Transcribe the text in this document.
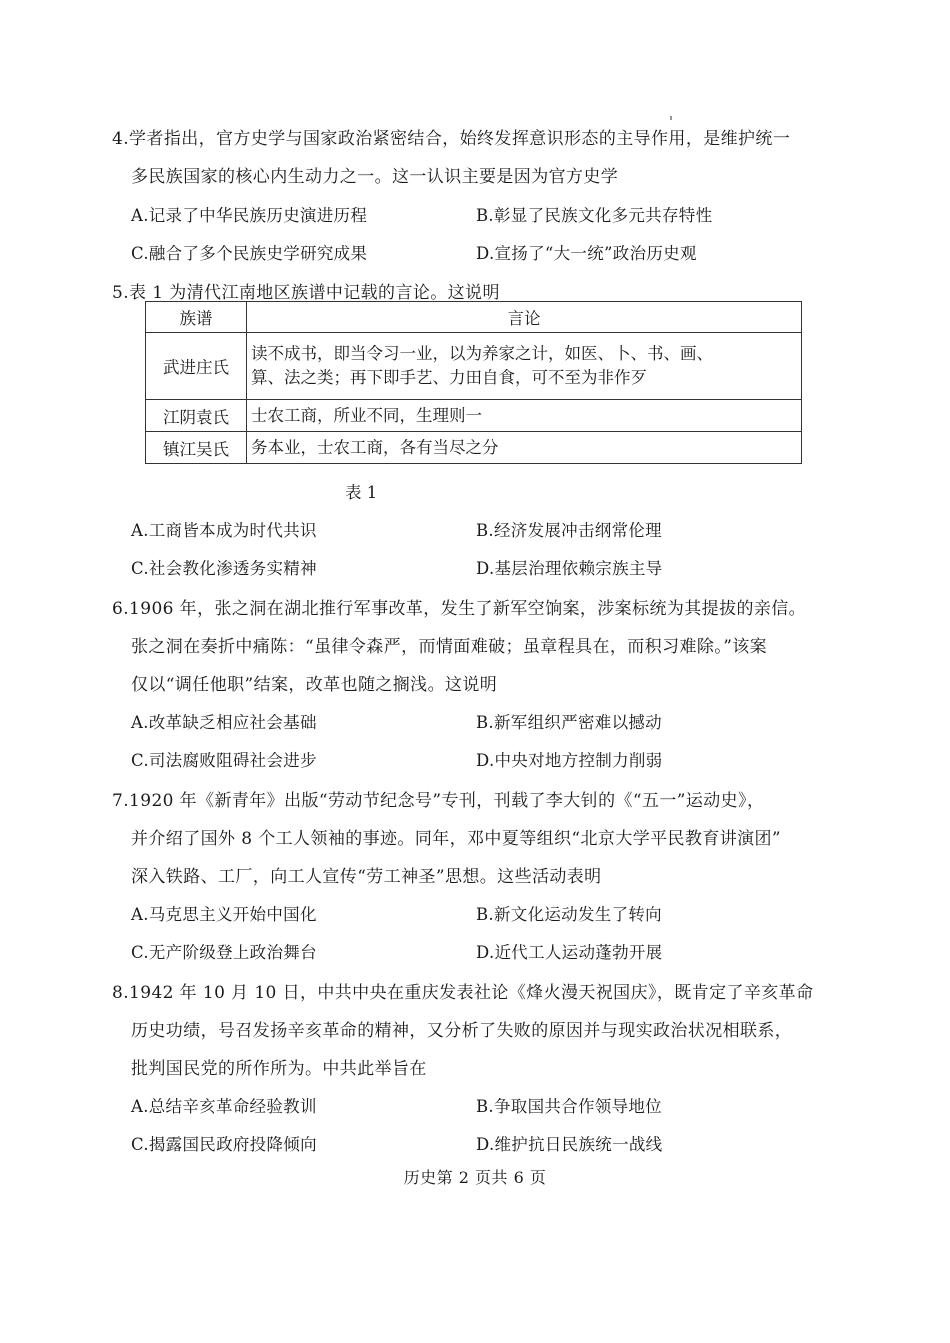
4.学者指出，官方史学与国家政治紧密结合，始终发挥意识形态的主导作用，是维护统一
多民族国家的核心内生动力之一。这一认识主要是因为官方史学
A.记录了中华民族历史演进历程	B.彰显了民族文化多元共存特性
C.融合了多个民族史学研究成果	D.宣扬了“大一统”政治历史观
5.表 1 为清代江南地区族谱中记载的言论。这说明
族谱	言论
武进庄氏	读不成书，即当令习一业，以为养家之计，如医、卜、书、画、
算、法之类；再下即手艺、力田自食，可不至为非作歹

江阴袁氏	士农工商，所业不同，生理则一

镇江吴氏	务本业，士农工商，各有当尽之分
表 1
A.工商皆本成为时代共识	B.经济发展冲击纲常伦理
C.社会教化渗透务实精神	D.基层治理依赖宗族主导
6.1906 年，张之洞在湖北推行军事改革，发生了新军空饷案，涉案标统为其提拔的亲信。
张之洞在奏折中痛陈：“虽律令森严，而情面难破；虽章程具在，而积习难除。”该案
仅以“调任他职”结案，改革也随之搁浅。这说明
A.改革缺乏相应社会基础	B.新军组织严密难以撼动
C.司法腐败阻碍社会进步	D.中央对地方控制力削弱
7.1920 年《新青年》出版“劳动节纪念号”专刊，刊载了李大钊的《“五一”运动史》，
并介绍了国外 8 个工人领袖的事迹。同年，邓中夏等组织“北京大学平民教育讲演团”
深入铁路、工厂，向工人宣传“劳工神圣”思想。这些活动表明
A.马克思主义开始中国化	B.新文化运动发生了转向
C.无产阶级登上政治舞台	D.近代工人运动蓬勃开展
8.1942 年 10 月 10 日，中共中央在重庆发表社论《烽火漫天祝国庆》，既肯定了辛亥革命
历史功绩，号召发扬辛亥革命的精神，又分析了失败的原因并与现实政治状况相联系，
批判国民党的所作所为。中共此举旨在
A.总结辛亥革命经验教训	B.争取国共合作领导地位
C.揭露国民政府投降倾向	D.维护抗日民族统一战线
历史第 2 页共 6 页
